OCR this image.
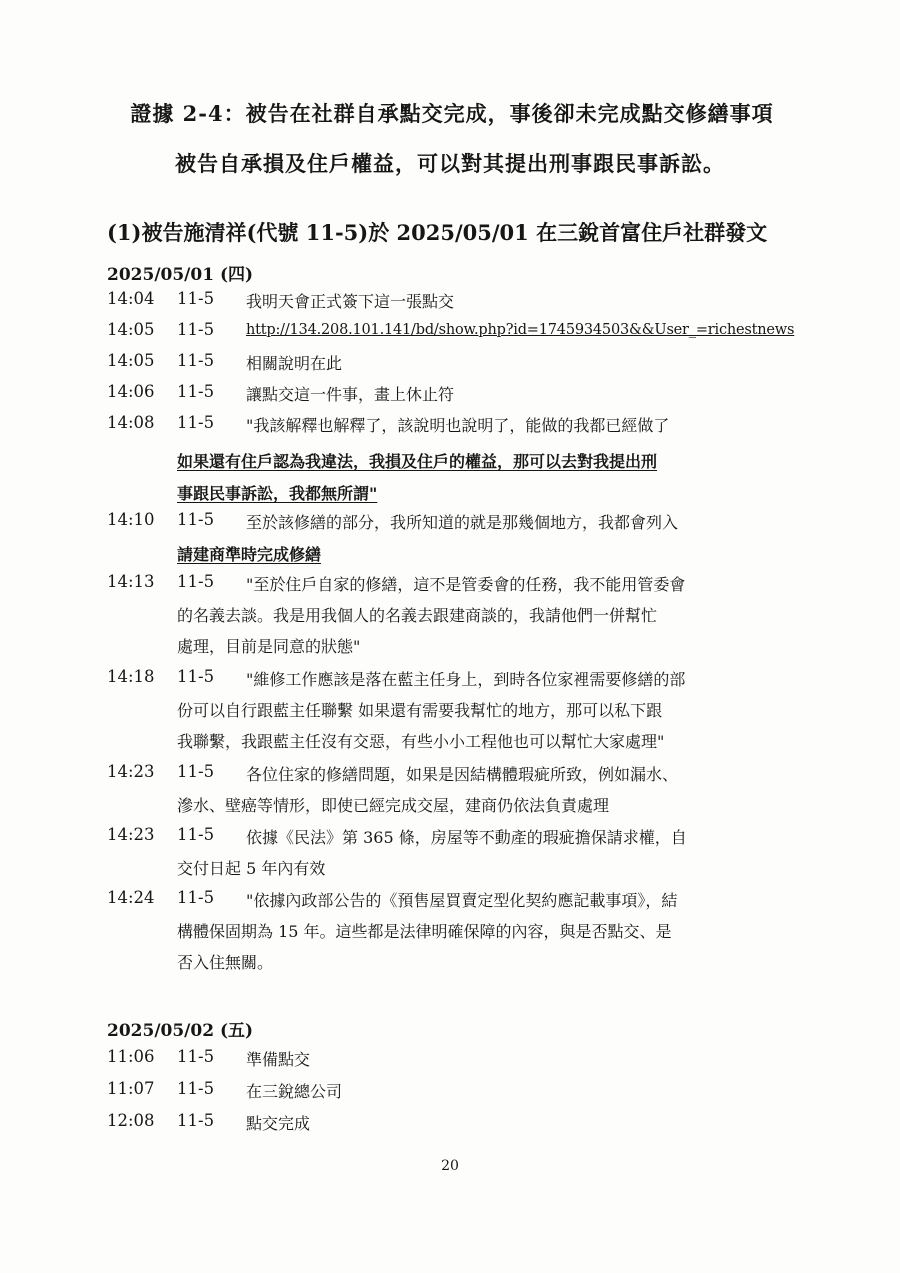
證據 2-4：被告在社群自承點交完成，事後卻未完成點交修繕事項
被告自承損及住戶權益，可以對其提出刑事跟民事訴訟。
(1)被告施清祥(代號 11-5)於 2025/05/01 在三銳首富住戶社群發文
2025/05/01 (四)
14:04	11-5	我明天會正式簽下這一張點交
14:05	11-5	http://134.208.101.141/bd/show.php?id=1745934503&&User_=richestnews
14:05	11-5	相關說明在此
14:06	11-5	讓點交這一件事，畫上休止符
14:08	11-5	"我該解釋也解釋了，該說明也說明了，能做的我都已經做了
如果還有住戶認為我違法，我損及住戶的權益，那可以去對我提出刑
事跟民事訴訟，我都無所謂"
14:10	11-5	至於該修繕的部分，我所知道的就是那幾個地方，我都會列入
請建商準時完成修繕
14:13	11-5	"至於住戶自家的修繕，這不是管委會的任務，我不能用管委會
的名義去談。我是用我個人的名義去跟建商談的，我請他們一併幫忙
處理，目前是同意的狀態"
14:18	11-5	"維修工作應該是落在藍主任身上，到時各位家裡需要修繕的部
份可以自行跟藍主任聯繫 如果還有需要我幫忙的地方，那可以私下跟
我聯繫，我跟藍主任沒有交惡，有些小小工程他也可以幫忙大家處理"
14:23	11-5	各位住家的修繕問題，如果是因結構體瑕疵所致，例如漏水、
滲水、壁癌等情形，即使已經完成交屋，建商仍依法負責處理
14:23	11-5	依據《民法》第 365 條，房屋等不動產的瑕疵擔保請求權，自
交付日起 5 年內有效
14:24	11-5	"依據內政部公告的《預售屋買賣定型化契約應記載事項》，結
構體保固期為 15 年。這些都是法律明確保障的內容，與是否點交、是
否入住無關。
2025/05/02 (五)
11:06	11-5	準備點交
11:07	11-5	在三銳總公司
12:08	11-5	點交完成
20
